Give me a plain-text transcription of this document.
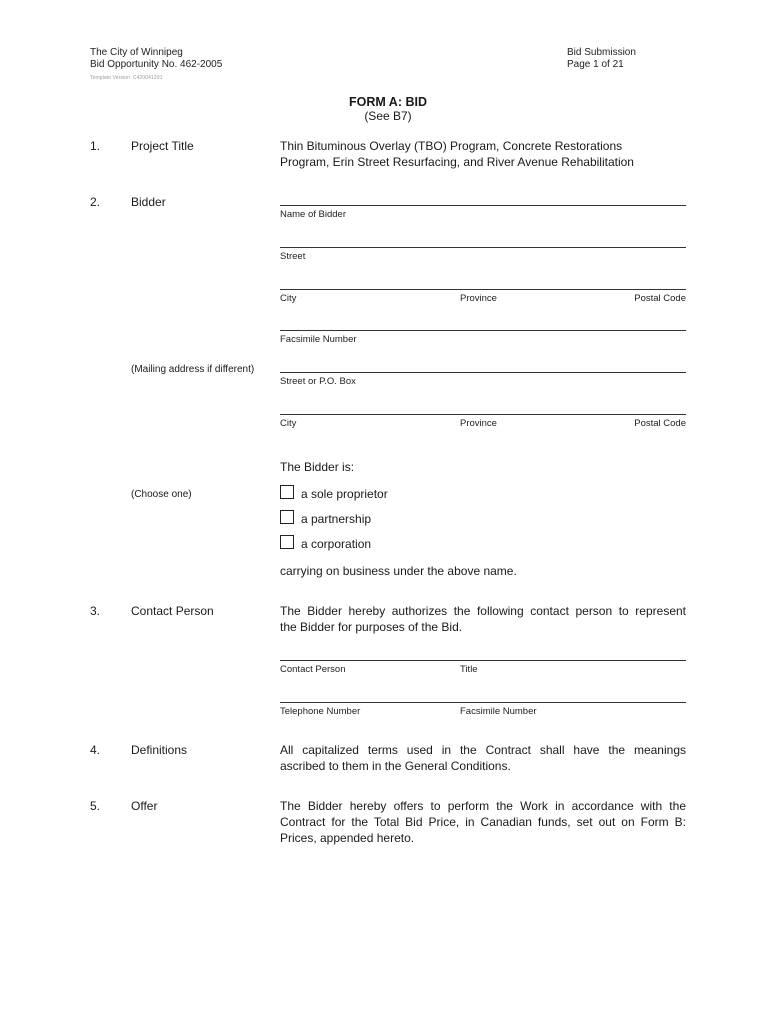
The City of Winnipeg
Bid Opportunity No. 462-2005
Template Version: C420041201
Bid Submission
Page 1 of 21
FORM A: BID
(See B7)
1.	Project Title	Thin Bituminous Overlay (TBO) Program, Concrete Restorations
Program, Erin Street Resurfacing, and River Avenue Rehabilitation
2.	Bidder
Name of Bidder
Street
City	Province	Postal Code
Facsimile Number
(Mailing address if different)
Street or P.O. Box
City	Province	Postal Code
The Bidder is:
(Choose one)	a sole proprietor
a partnership
a corporation
carrying on business under the above name.
3.	Contact Person	The Bidder hereby authorizes the following contact person to represent
the Bidder for purposes of the Bid.
Contact Person	Title
Telephone Number	Facsimile Number
4.	Definitions	All capitalized terms used in the Contract shall have the meanings
ascribed to them in the General Conditions.
5.	Offer	The Bidder hereby offers to perform the Work in accordance with the
Contract for the Total Bid Price, in Canadian funds, set out on Form B:
Prices, appended hereto.
